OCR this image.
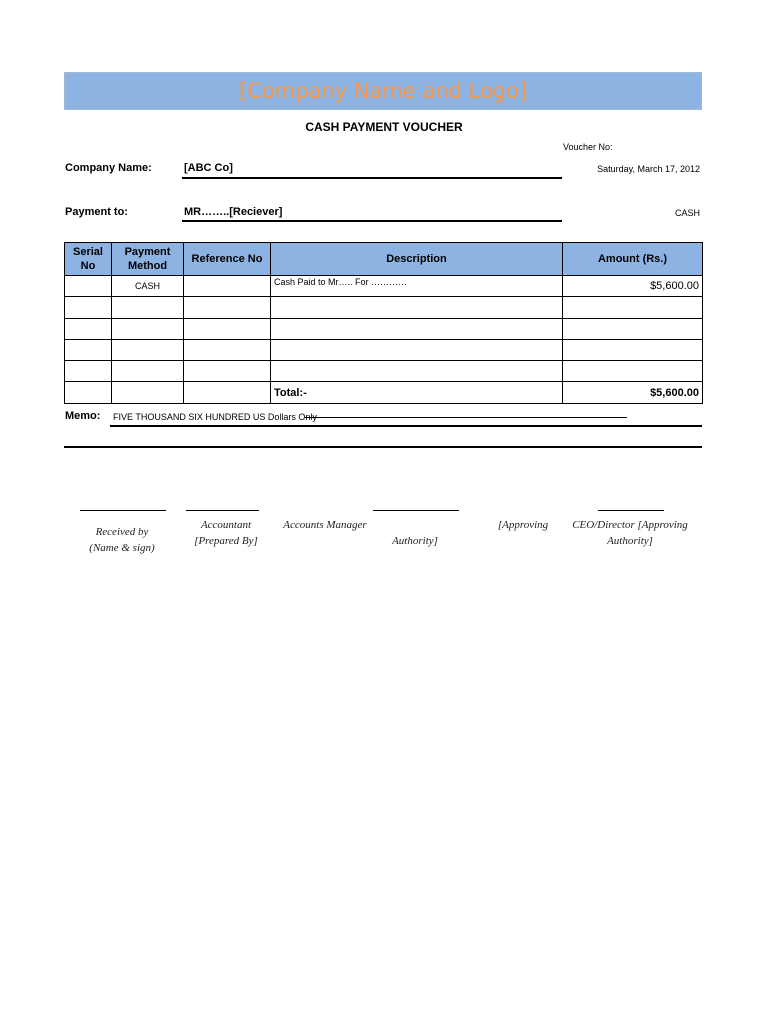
[Company Name and Logo]
CASH PAYMENT VOUCHER
Voucher No:
Company Name:	[ABC Co]	Saturday, March 17, 2012
Payment to:	MR……..[Reciever]	CASH
Serial No	Payment Method	Reference No	Description	Amount (Rs.)
	CASH		Cash Paid to Mr….. For …………	$5,600.00

			Total:-	$5,600.00
Memo: FIVE THOUSAND SIX HUNDRED US Dollars Only
Received by
(Name & sign)
Accountant
[Prepared By]
Accounts Manager
Authority]
[Approving	CEO/Director [Approving
Authority]
